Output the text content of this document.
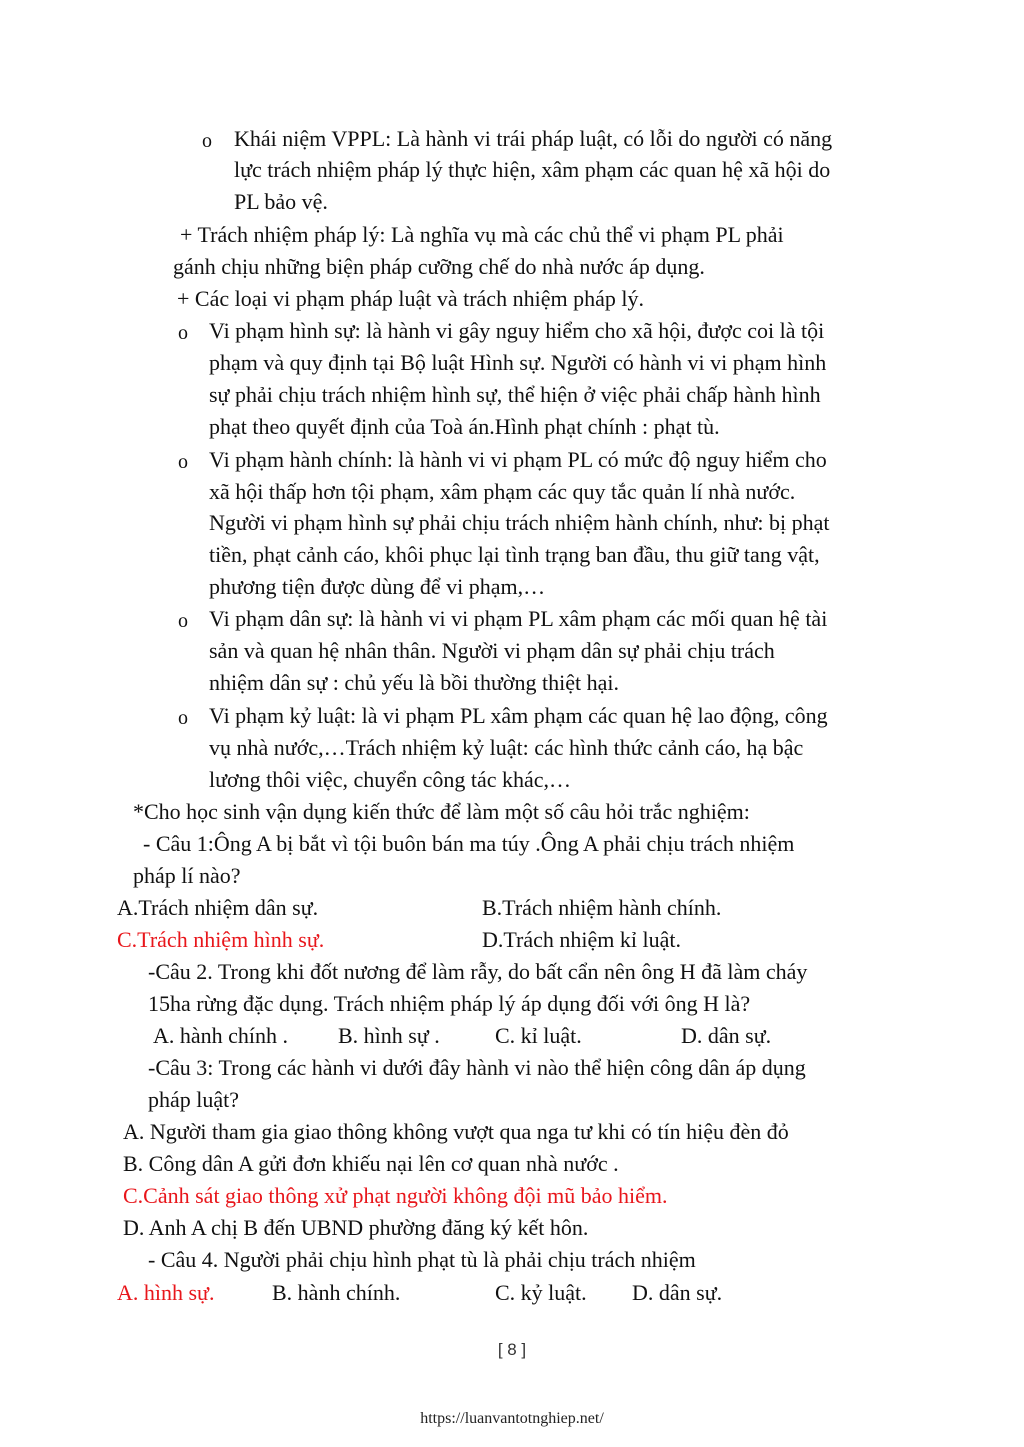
o Khái niệm VPPL: Là hành vi trái pháp luật, có lỗi do người có năng
lực trách nhiệm pháp lý thực hiện, xâm phạm các quan hệ xã hội do
PL bảo vệ.
+ Trách nhiệm pháp lý: Là nghĩa vụ mà các chủ thể vi phạm PL phải
gánh chịu những biện pháp cưỡng chế do nhà nước áp dụng.
+ Các loại vi phạm pháp luật và trách nhiệm pháp lý.
o Vi phạm hình sự: là hành vi gây nguy hiểm cho xã hội, được coi là tội
phạm và quy định tại Bộ luật Hình sự. Người có hành vi vi phạm hình
sự phải chịu trách nhiệm hình sự, thể hiện ở việc phải chấp hành hình
phạt theo quyết định của Toà án.Hình phạt chính : phạt tù.
o Vi phạm hành chính: là hành vi vi phạm PL có mức độ nguy hiểm cho
xã hội thấp hơn tội phạm, xâm phạm các quy tắc quản lí nhà nước.
Người vi phạm hình sự phải chịu trách nhiệm hành chính, như: bị phạt
tiền, phạt cảnh cáo, khôi phục lại tình trạng ban đầu, thu giữ tang vật,
phương tiện được dùng để vi phạm,…
o Vi phạm dân sự: là hành vi vi phạm PL xâm phạm các mối quan hệ tài
sản và quan hệ nhân thân. Người vi phạm dân sự phải chịu trách
nhiệm dân sự : chủ yếu là bồi thường thiệt hại.
o Vi phạm kỷ luật: là vi phạm PL xâm phạm các quan hệ lao động, công
vụ nhà nước,…Trách nhiệm kỷ luật: các hình thức cảnh cáo, hạ bậc
lương thôi việc, chuyển công tác khác,…
*Cho học sinh vận dụng kiến thức để làm một số câu hỏi trắc nghiệm:
- Câu 1:Ông A bị bắt vì tội buôn bán ma túy .Ông A phải chịu trách nhiệm
pháp lí nào?
A.Trách nhiệm dân sự.	B.Trách nhiệm hành chính.
C.Trách nhiệm hình sự.	D.Trách nhiệm kỉ luật.
-Câu 2. Trong khi đốt nương để làm rẫy, do bất cẩn nên ông H đã làm cháy
15ha rừng đặc dụng. Trách nhiệm pháp lý áp dụng đối với ông H là?
A. hành chính . B. hình sự .	C. kỉ luật.	D. dân sự.
-Câu 3: Trong các hành vi dưới đây hành vi nào thể hiện công dân áp dụng
pháp luật?
A. Người tham gia giao thông không vượt qua nga tư khi có tín hiệu đèn đỏ
B. Công dân A gửi đơn khiếu nại lên cơ quan nhà nước .
C.Cảnh sát giao thông xử phạt người không đội mũ bảo hiểm.
D. Anh A chị B đến UBND phường đăng ký kết hôn.
- Câu 4. Người phải chịu hình phạt tù là phải chịu trách nhiệm
A. hình sự.	B. hành chính.	C. kỷ luật. D. dân sự.
[ 8 ]
https://luanvantotnghiep.net/
